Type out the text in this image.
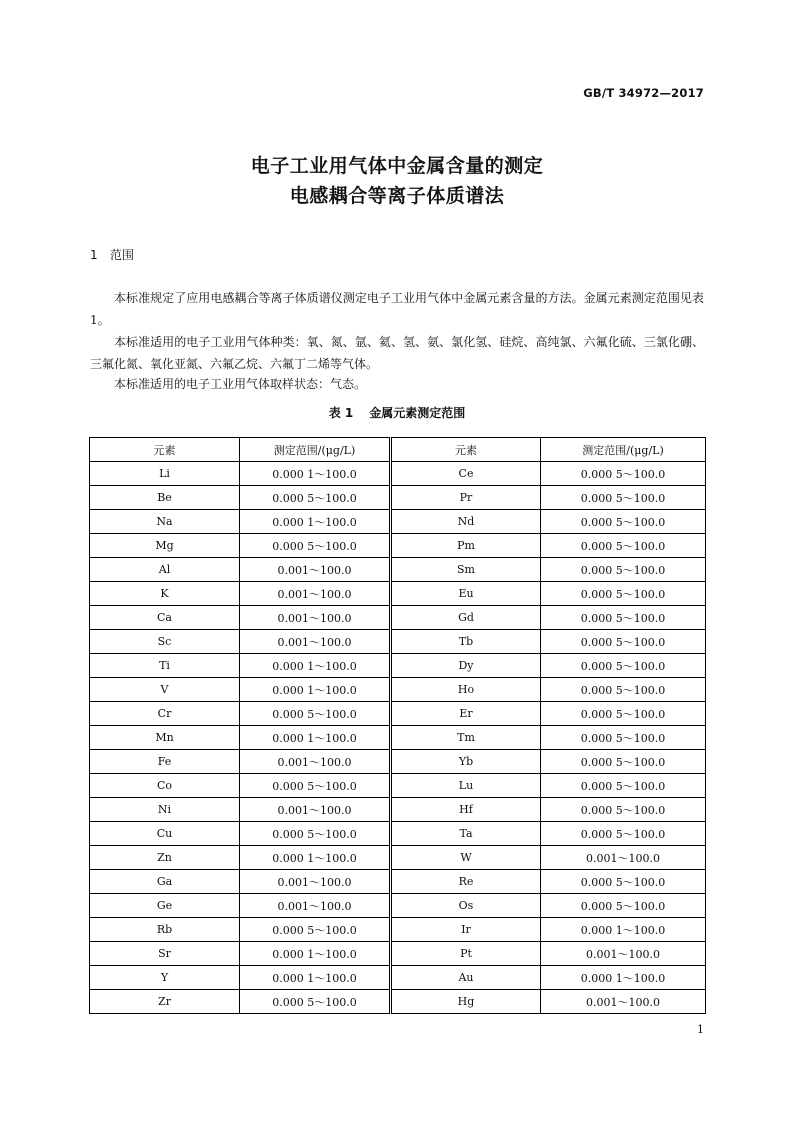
GB/T 34972—2017
电子工业用气体中金属含量的测定
电感耦合等离子体质谱法
1 范围
本标准规定了应用电感耦合等离子体质谱仪测定电子工业用气体中金属元素含量的方法。金属元素测定范围见表1。
本标准适用的电子工业用气体种类：氧、氮、氩、氦、氢、氨、氯化氢、硅烷、高纯氯、六氟化硫、三氯化硼、三氟化氮、氧化亚氮、六氟乙烷、六氟丁二烯等气体。
本标准适用的电子工业用气体取样状态：气态。
表 1 金属元素测定范围
元素	测定范围/(μg/L)	元素	测定范围/(μg/L)
Li	0.000 1～100.0	Ce	0.000 5～100.0
Be	0.000 5～100.0	Pr	0.000 5～100.0
Na	0.000 1～100.0	Nd	0.000 5～100.0
Mg	0.000 5～100.0	Pm	0.000 5～100.0
Al	0.001～100.0	Sm	0.000 5～100.0
K	0.001～100.0	Eu	0.000 5～100.0
Ca	0.001～100.0	Gd	0.000 5～100.0
Sc	0.001～100.0	Tb	0.000 5～100.0
Ti	0.000 1～100.0	Dy	0.000 5～100.0
V	0.000 1～100.0	Ho	0.000 5～100.0
Cr	0.000 5～100.0	Er	0.000 5～100.0
Mn	0.000 1～100.0	Tm	0.000 5～100.0
Fe	0.001～100.0	Yb	0.000 5～100.0
Co	0.000 5～100.0	Lu	0.000 5～100.0
Ni	0.001～100.0	Hf	0.000 5～100.0
Cu	0.000 5～100.0	Ta	0.000 5～100.0
Zn	0.000 1～100.0	W	0.001～100.0
Ga	0.001～100.0	Re	0.000 5～100.0
Ge	0.001～100.0	Os	0.000 5～100.0
Rb	0.000 5～100.0	Ir	0.000 1～100.0
Sr	0.000 1～100.0	Pt	0.001～100.0
Y	0.000 1～100.0	Au	0.000 1～100.0
Zr	0.000 5～100.0	Hg	0.001～100.0
1
